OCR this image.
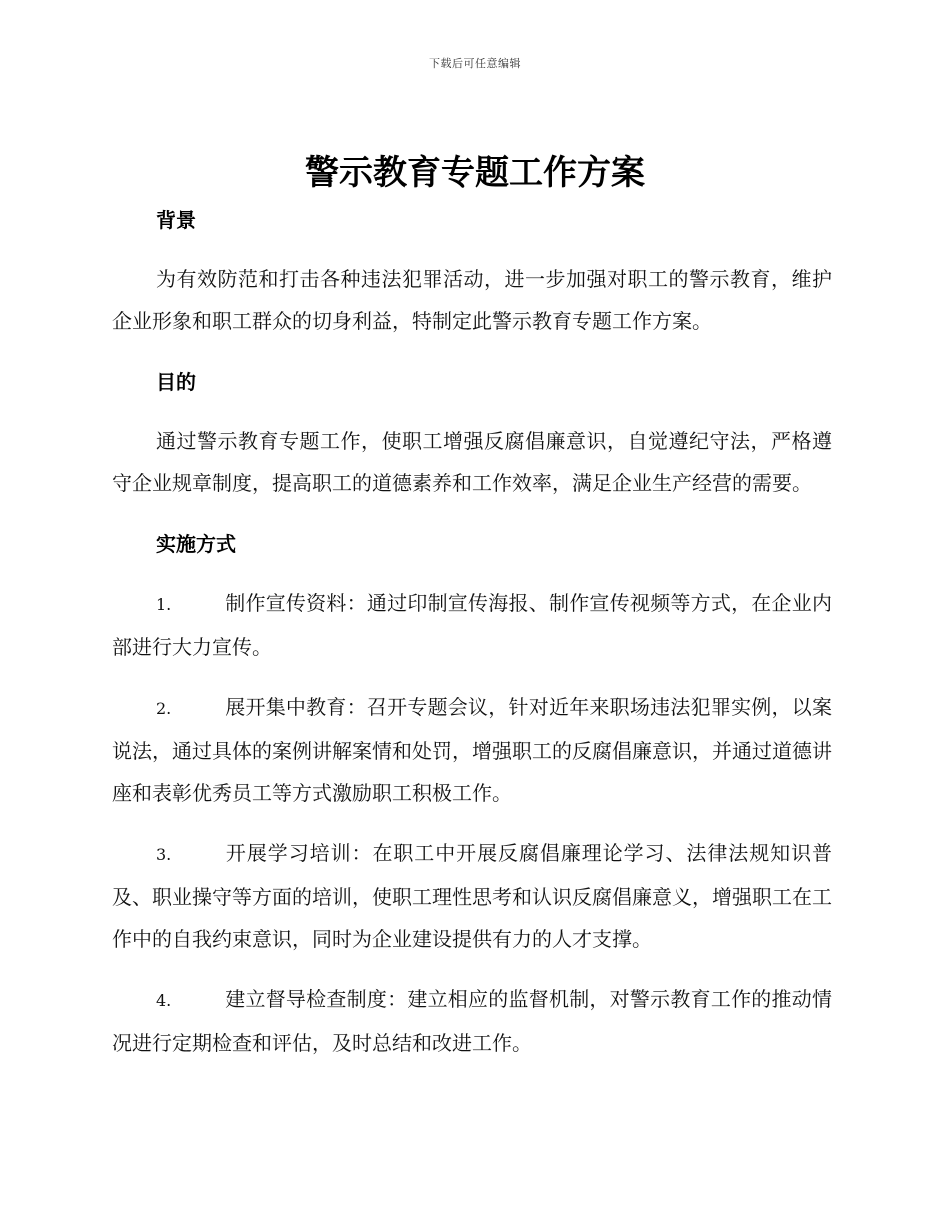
下载后可任意编辑
警示教育专题工作方案
背景

为有效防范和打击各种违法犯罪活动，进一步加强对职工的警示教育，维护企业形象和职工群众的切身利益，特制定此警示教育专题工作方案。

目的

通过警示教育专题工作，使职工增强反腐倡廉意识，自觉遵纪守法，严格遵守企业规章制度，提高职工的道德素养和工作效率，满足企业生产经营的需要。

实施方式

1.	制作宣传资料：通过印制宣传海报、制作宣传视频等方式，在企业内部进行大力宣传。

2.	展开集中教育：召开专题会议，针对近年来职场违法犯罪实例，以案说法，通过具体的案例讲解案情和处罚，增强职工的反腐倡廉意识，并通过道德讲座和表彰优秀员工等方式激励职工积极工作。

3.	开展学习培训：在职工中开展反腐倡廉理论学习、法律法规知识普及、职业操守等方面的培训，使职工理性思考和认识反腐倡廉意义，增强职工在工作中的自我约束意识，同时为企业建设提供有力的人才支撑。

4.	建立督导检查制度：建立相应的监督机制，对警示教育工作的推动情况进行定期检查和评估，及时总结和改进工作。
